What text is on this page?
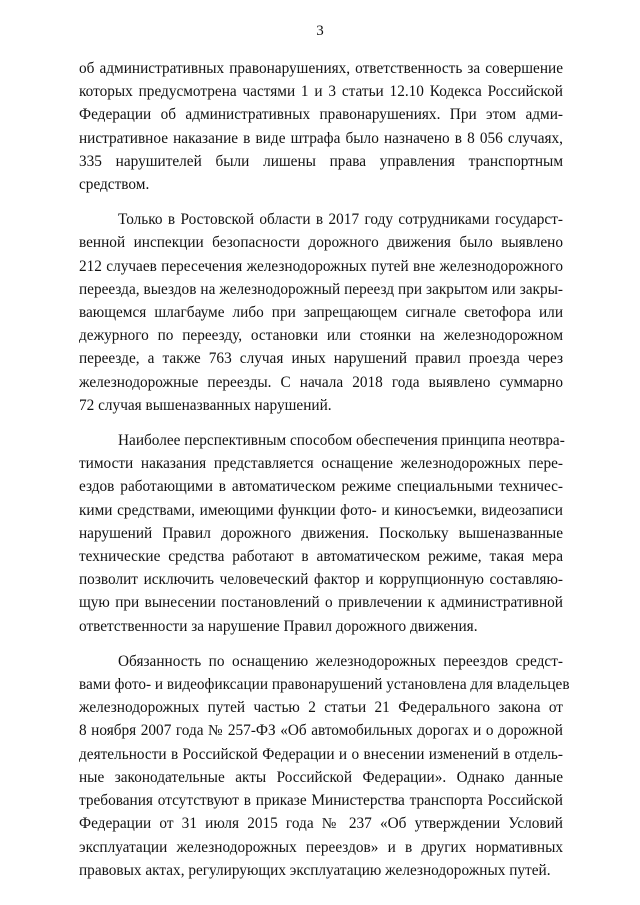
3

об административных правонарушениях, ответственность за совершение
которых предусмотрена частями 1 и 3 статьи 12.10 Кодекса Российской
Федерации об административных правонарушениях. При этом адми-
нистративное наказание в виде штрафа было назначено в 8 056 случаях,
335 нарушителей были лишены права управления транспортным
средством.

Только в Ростовской области в 2017 году сотрудниками государст-
венной инспекции безопасности дорожного движения было выявлено
212 случаев пересечения железнодорожных путей вне железнодорожного
переезда, выездов на железнодорожный переезд при закрытом или закры-
вающемся шлагбауме либо при запрещающем сигнале светофора или
дежурного по переезду, остановки или стоянки на железнодорожном
переезде, а также 763 случая иных нарушений правил проезда через
железнодорожные переезды. С начала 2018 года выявлено суммарно
72 случая вышеназванных нарушений.

Наиболее перспективным способом обеспечения принципа неотвра-
тимости наказания представляется оснащение железнодорожных пере-
ездов работающими в автоматическом режиме специальными техничес-
кими средствами, имеющими функции фото- и киносъемки, видеозаписи
нарушений Правил дорожного движения. Поскольку вышеназванные
технические средства работают в автоматическом режиме, такая мера
позволит исключить человеческий фактор и коррупционную составляю-
щую при вынесении постановлений о привлечении к административной
ответственности за нарушение Правил дорожного движения.

Обязанность по оснащению железнодорожных переездов средст-
вами фото- и видеофиксации правонарушений установлена для владельцев
железнодорожных путей частью 2 статьи 21 Федерального закона от
8 ноября 2007 года № 257-ФЗ «Об автомобильных дорогах и о дорожной
деятельности в Российской Федерации и о внесении изменений в отдель-
ные законодательные акты Российской Федерации». Однако данные
требования отсутствуют в приказе Министерства транспорта Российской
Федерации от 31 июля 2015 года № 237 «Об утверждении Условий
эксплуатации железнодорожных переездов» и в других нормативных
правовых актах, регулирующих эксплуатацию железнодорожных путей.
